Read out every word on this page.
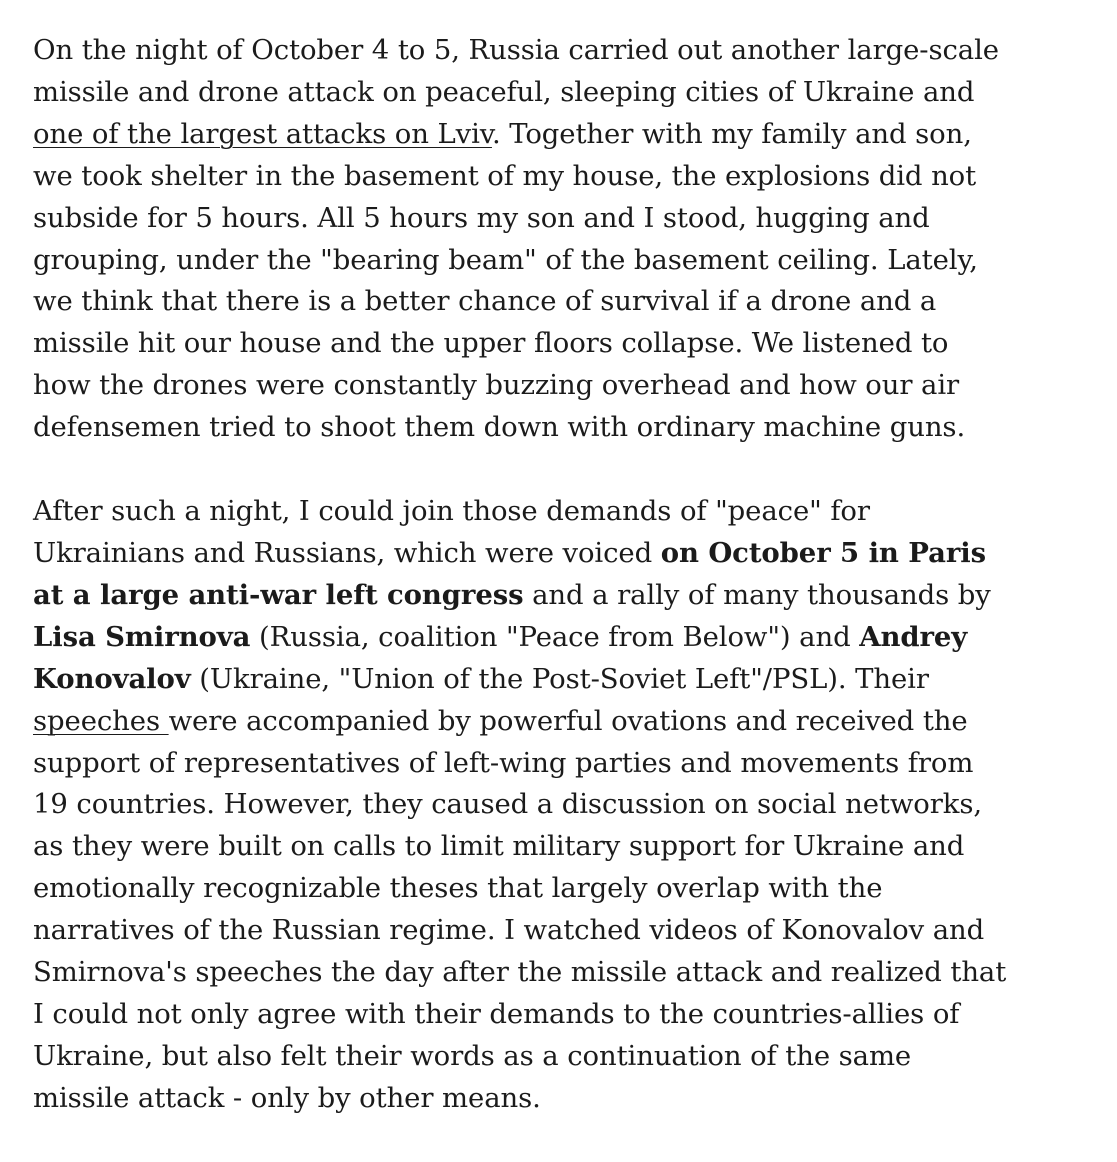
On the night of October 4 to 5, Russia carried out another large-scale
missile and drone attack on peaceful, sleeping cities of Ukraine and
one of the largest attacks on Lviv. Together with my family and son,
we took shelter in the basement of my house, the explosions did not
subside for 5 hours. All 5 hours my son and I stood, hugging and
grouping, under the "bearing beam" of the basement ceiling. Lately,
we think that there is a better chance of survival if a drone and a
missile hit our house and the upper floors collapse. We listened to
how the drones were constantly buzzing overhead and how our air
defensemen tried to shoot them down with ordinary machine guns.

After such a night, I could join those demands of "peace" for
Ukrainians and Russians, which were voiced on October 5 in Paris
at a large anti-war left congress and a rally of many thousands by
Lisa Smirnova (Russia, coalition "Peace from Below") and Andrey
Konovalov (Ukraine, "Union of the Post-Soviet Left"/PSL). Their
speeches were accompanied by powerful ovations and received the
support of representatives of left-wing parties and movements from
19 countries. However, they caused a discussion on social networks,
as they were built on calls to limit military support for Ukraine and
emotionally recognizable theses that largely overlap with the
narratives of the Russian regime. I watched videos of Konovalov and
Smirnova's speeches the day after the missile attack and realized that
I could not only agree with their demands to the countries-allies of
Ukraine, but also felt their words as a continuation of the same
missile attack - only by other means.
